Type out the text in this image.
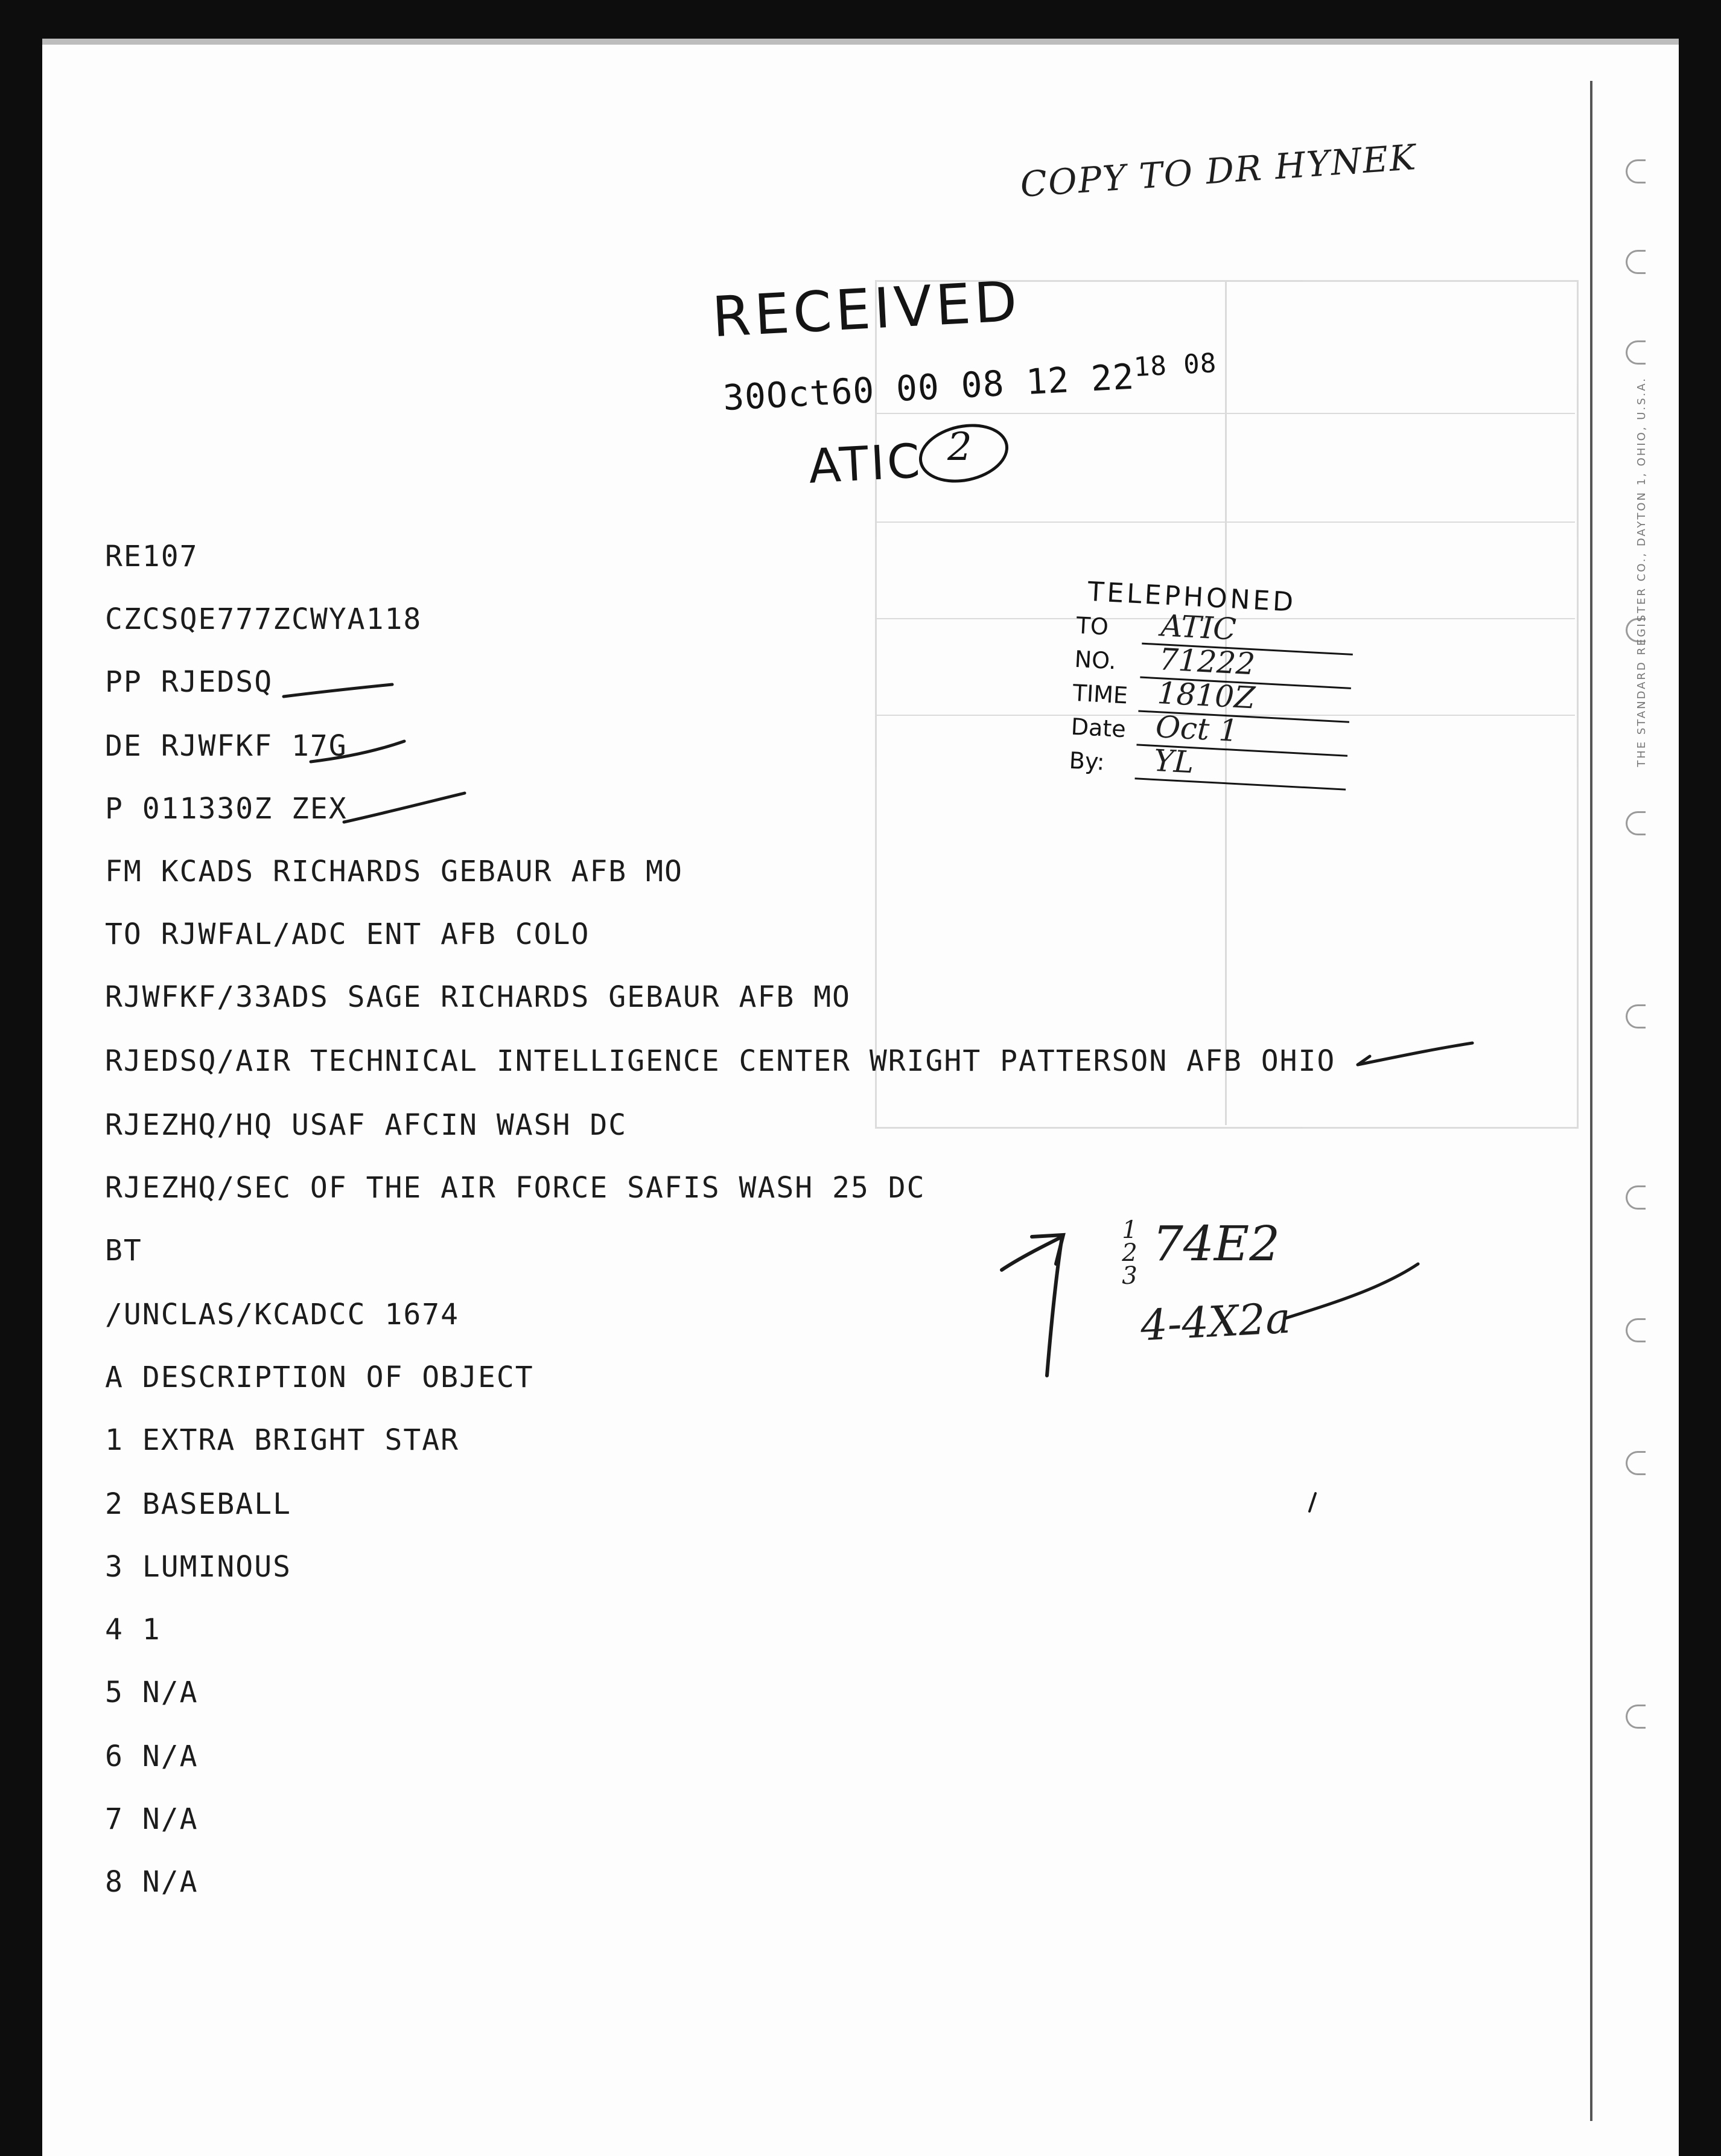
THE STANDARD REGISTER CO., DAYTON 1, OHIO, U.S.A.
COPY TO DR HYNEK
RECEIVED
30Oct60 00 08 12 $22^{18 08}$
ATIC 2
TELEPHONED
TO ATIC
NO. 71222
TIME 1810Z
Date Oct 1
By: YL
RE107
CZCSQE777ZCWYA118
PP RJEDSQ
DE RJWFKF 17G
P 011330Z ZEX
FM KCADS RICHARDS GEBAUR AFB MO
TO RJWFAL/ADC ENT AFB COLO
RJWFKF/33ADS SAGE RICHARDS GEBAUR AFB MO
RJEDSQ/AIR TECHNICAL INTELLIGENCE CENTER WRIGHT PATTERSON AFB OHIO
RJEZHQ/HQ USAF AFCIN WASH DC
RJEZHQ/SEC OF THE AIR FORCE SAFIS WASH 25 DC
BT
/UNCLAS/KCADCC 1674
A DESCRIPTION OF OBJECT
1 EXTRA BRIGHT STAR
2 BASEBALL
3 LUMINOUS
4 1
5 N/A
6 N/A
7 N/A
8 N/A
1 2 3
74E2
4-4X2a
